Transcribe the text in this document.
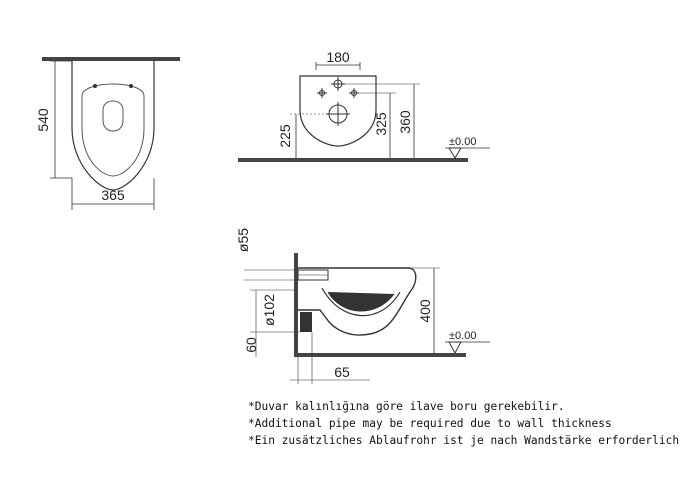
540
365
180
225
325 360
±0.00
ø55
ø102
60
400
65
±0.00
*Duvar kalınlığına göre ilave boru gerekebilir.
*Additional pipe may be required due to wall thickness
*Ein zusätzliches Ablaufrohr ist je nach Wandstärke erforderlich
